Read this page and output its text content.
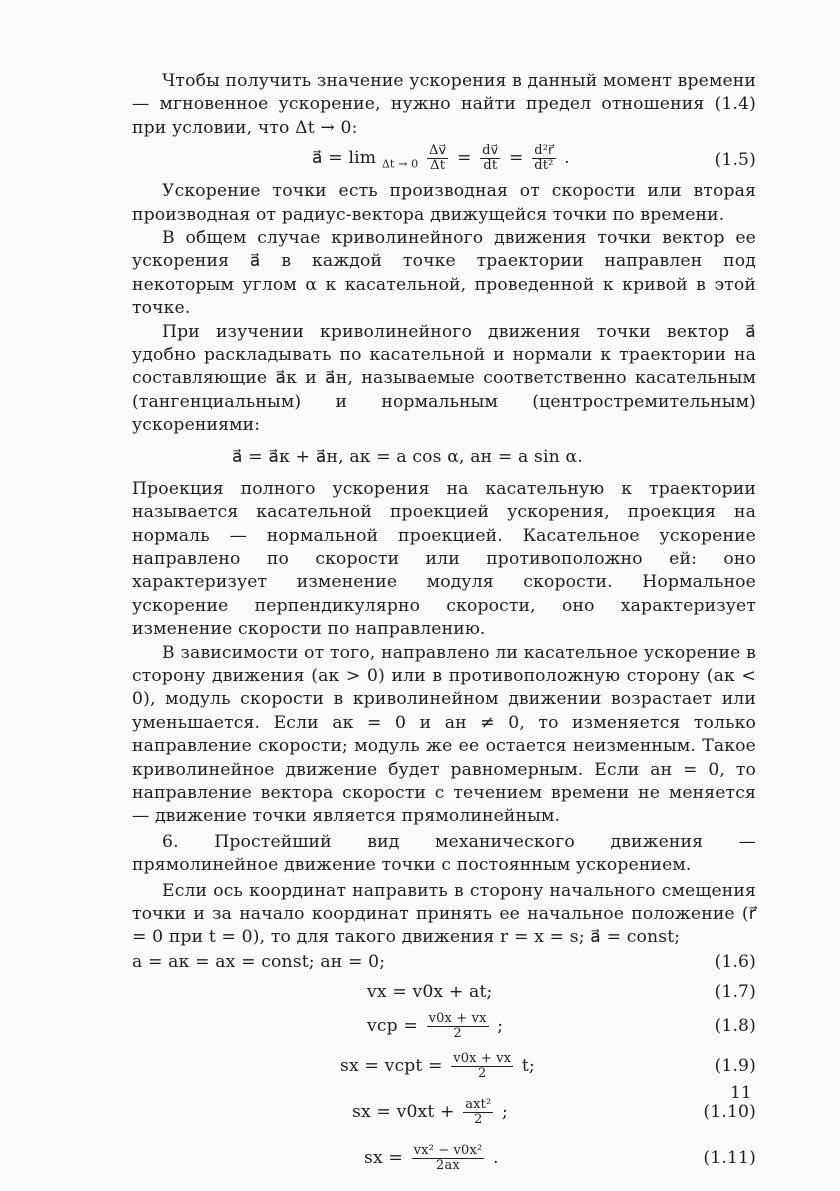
Чтобы получить значение ускорения в данный момент времени — мгновенное ускорение, нужно найти предел отношения (1.4) при условии, что Δt → 0:

a⃗ = $\lim _{\Delta t \to 0} \frac{\Delta v⃗}{\Delta t} = \frac{dv⃗}{dt} = \frac{\text{d²r⃗}}{\text{dt²}}$ .	(1.5)

Ускорение точки есть производная от скорости или вторая производная от радиус-вектора движущейся точки по времени.

В общем случае криволинейного движения точки вектор ее ускорения a⃗ в каждой точке траектории направлен под некоторым углом α к касательной, проведенной к кривой в этой точке.

При изучении криволинейного движения точки вектор a⃗ удобно раскладывать по касательной и нормали к траектории на составляющие a⃗к и a⃗н, называемые соответственно касательным (тангенциальным) и нормальным (центростремительным) ускорениями:

a⃗ = a⃗к + a⃗н, aк = a cos α, aн = a sin α.

Проекция полного ускорения на касательную к траектории называется касательной проекцией ускорения, проекция на нормаль — нормальной проекцией. Касательное ускорение направлено по скорости или противоположно ей: оно характеризует изменение модуля скорости. Нормальное ускорение перпендикулярно скорости, оно характеризует изменение скорости по направлению.

В зависимости от того, направлено ли касательное ускорение в сторону движения (aк > 0) или в противоположную сторону (aк < 0), модуль скорости в криволинейном движении возрастает или уменьшается. Если aк = 0 и aн ≠ 0, то изменяется только направление скорости; модуль же ее остается неизменным. Такое криволинейное движение будет равномерным. Если aн = 0, то направление вектора скорости с течением времени не меняется — движение точки является прямолинейным.

6. Простейший вид механического движения — прямолинейное движение точки с постоянным ускорением.

Если ось координат направить в сторону начального смещения точки и за начало координат принять ее начальное положение (r⃗ = 0 при t = 0), то для такого движения r = x = s; a⃗ = const;

a = aк = ax = const; aн = 0;	(1.6)
vx = v0x + at;	(1.7)
vср = $\frac{v0x + vx}{2}$ ;	(1.8)
sx = vсрt = $\frac{v0x + vx}{2} t$;	(1.9)
sx = $v0xt + \frac{\text{axt²}}{2}$ ;	(1.10)
sx = $\frac{\text{vx² − v0x²}}{2ax}$ .	(1.11)
11
